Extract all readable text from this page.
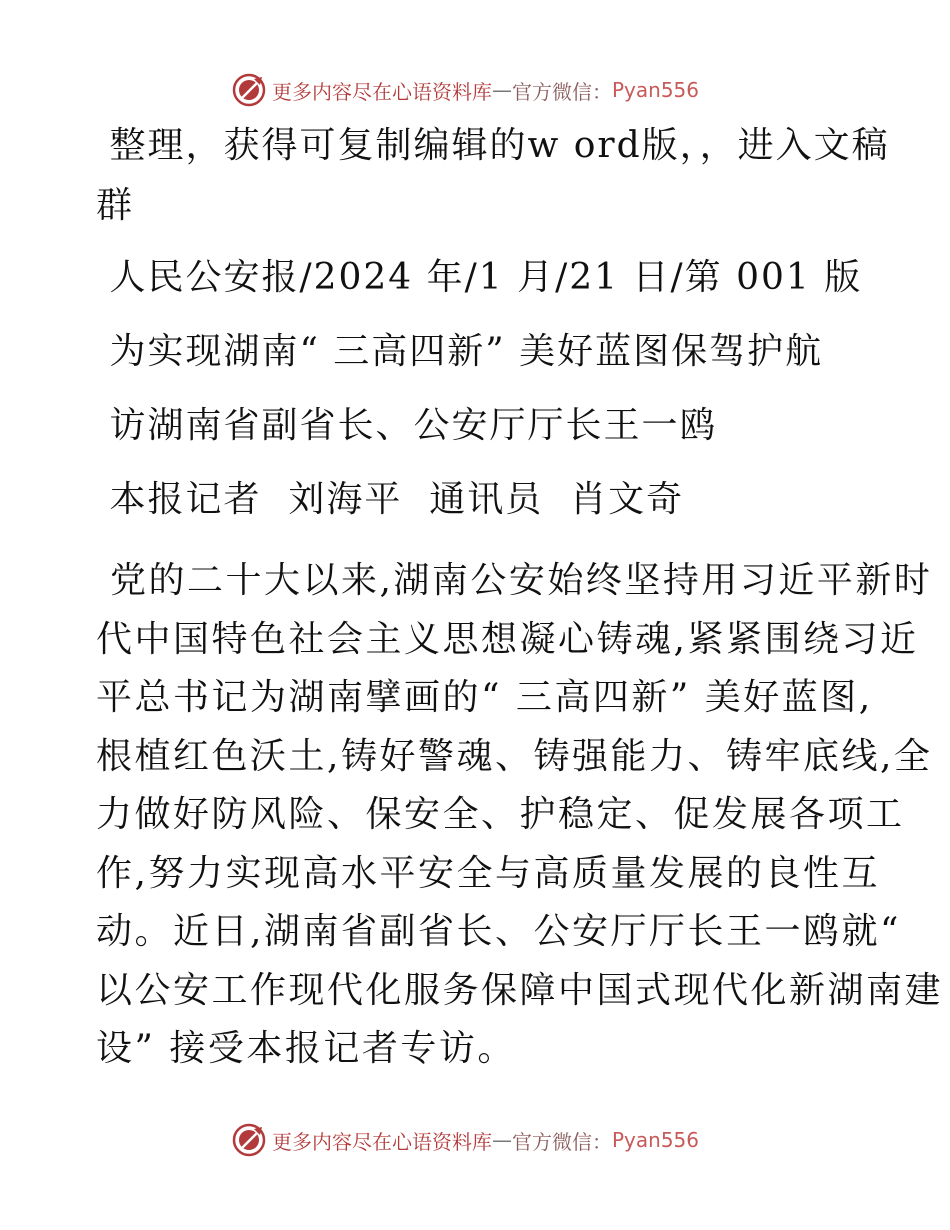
更多内容尽在心语资料库 — 官方微信： Pyan556
整理，获得可复制编辑的w ord版，，进入文稿
群
人民公安报/2024 年/1 月/21 日/第 001 版
为实现湖南“ 三高四新” 美好蓝图保驾护航
访湖南省副省长、公安厅厅长王一鸥
本报记者  刘海平  通讯员  肖文奇
党的二十大以来,湖南公安始终坚持用习近平新时
代中国特色社会主义思想凝心铸魂,紧紧围绕习近
平总书记为湖南擘画的“ 三高四新” 美好蓝图,
根植红色沃土,铸好警魂、铸强能力、铸牢底线,全
力做好防风险、保安全、护稳定、促发展各项工
作,努力实现高水平安全与高质量发展的良性互
动。近日,湖南省副省长、公安厅厅长王一鸥就“
以公安工作现代化服务保障中国式现代化新湖南建
设” 接受本报记者专访。
更多内容尽在心语资料库 — 官方微信： Pyan556
